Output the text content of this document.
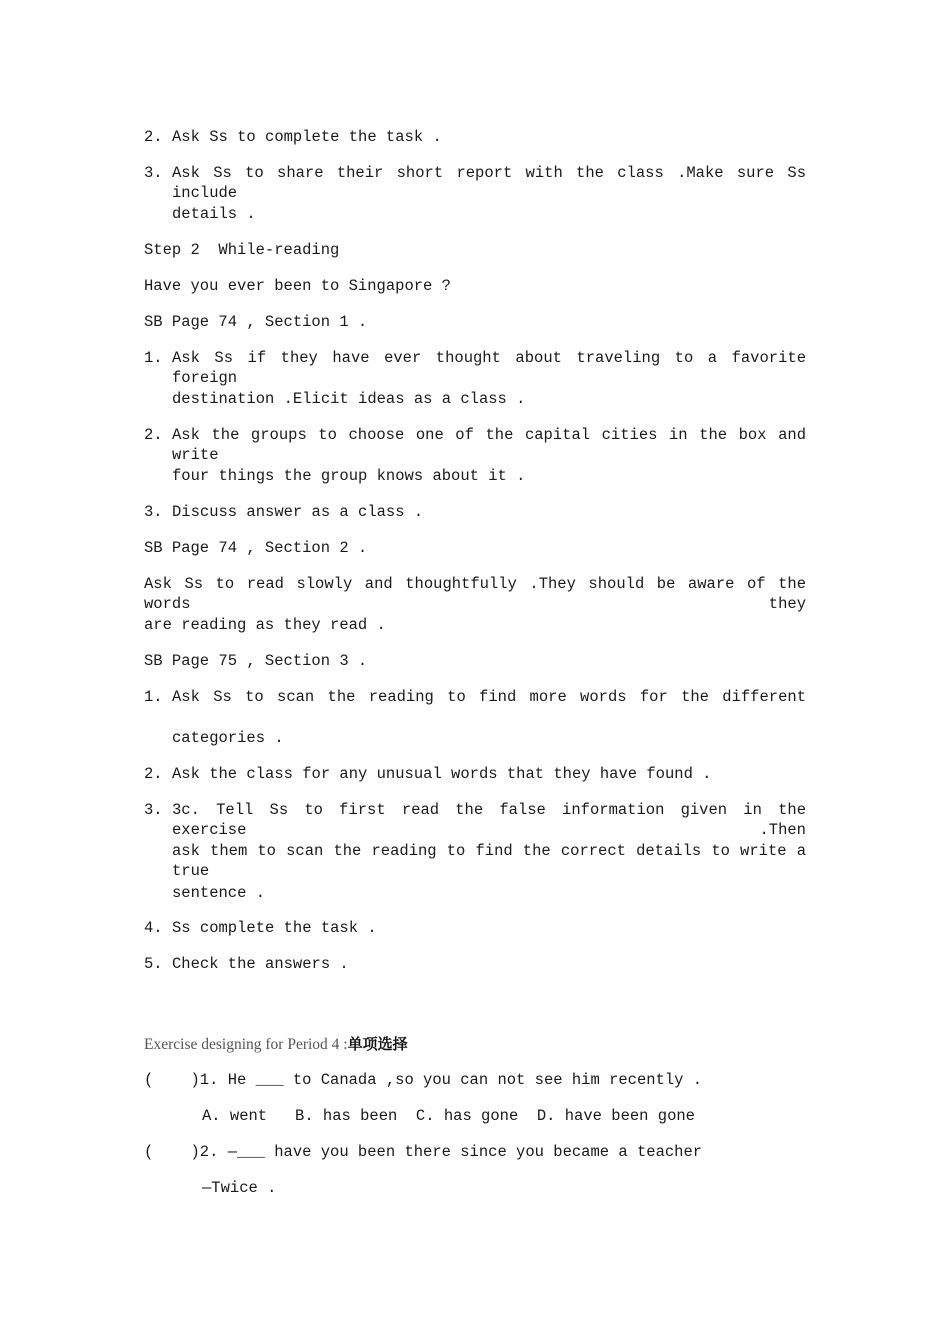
2. Ask Ss to complete the task .
3. Ask Ss to share their short report with the class .Make sure Ss include
details .
Step 2  While-reading
Have you ever been to Singapore ?
SB Page 74 , Section 1 .
1. Ask Ss if they have ever thought about traveling to a favorite foreign
destination .Elicit ideas as a class .
2. Ask the groups to choose one of the capital cities in the box and write
four things the group knows about it .
3. Discuss answer as a class .
SB Page 74 , Section 2 .
Ask Ss to read slowly and thoughtfully .They should be aware of the words they
are reading as they read .
SB Page 75 , Section 3 .
1. Ask Ss to scan the reading to find more words for the different
categories .
2. Ask the class for any unusual words that they have found .
3. 3c. Tell Ss to first read the false information given in the exercise .Then
ask them to scan the reading to find the correct details to write a true
sentence .
4. Ss complete the task .
5. Check the answers .
Exercise designing for Period 4 :单项选择
(    )1. He ___ to Canada ,so you can not see him recently .
A. went   B. has been  C. has gone  D. have been gone
(    )2. —___ have you been there since you became a teacher
—Twice .
